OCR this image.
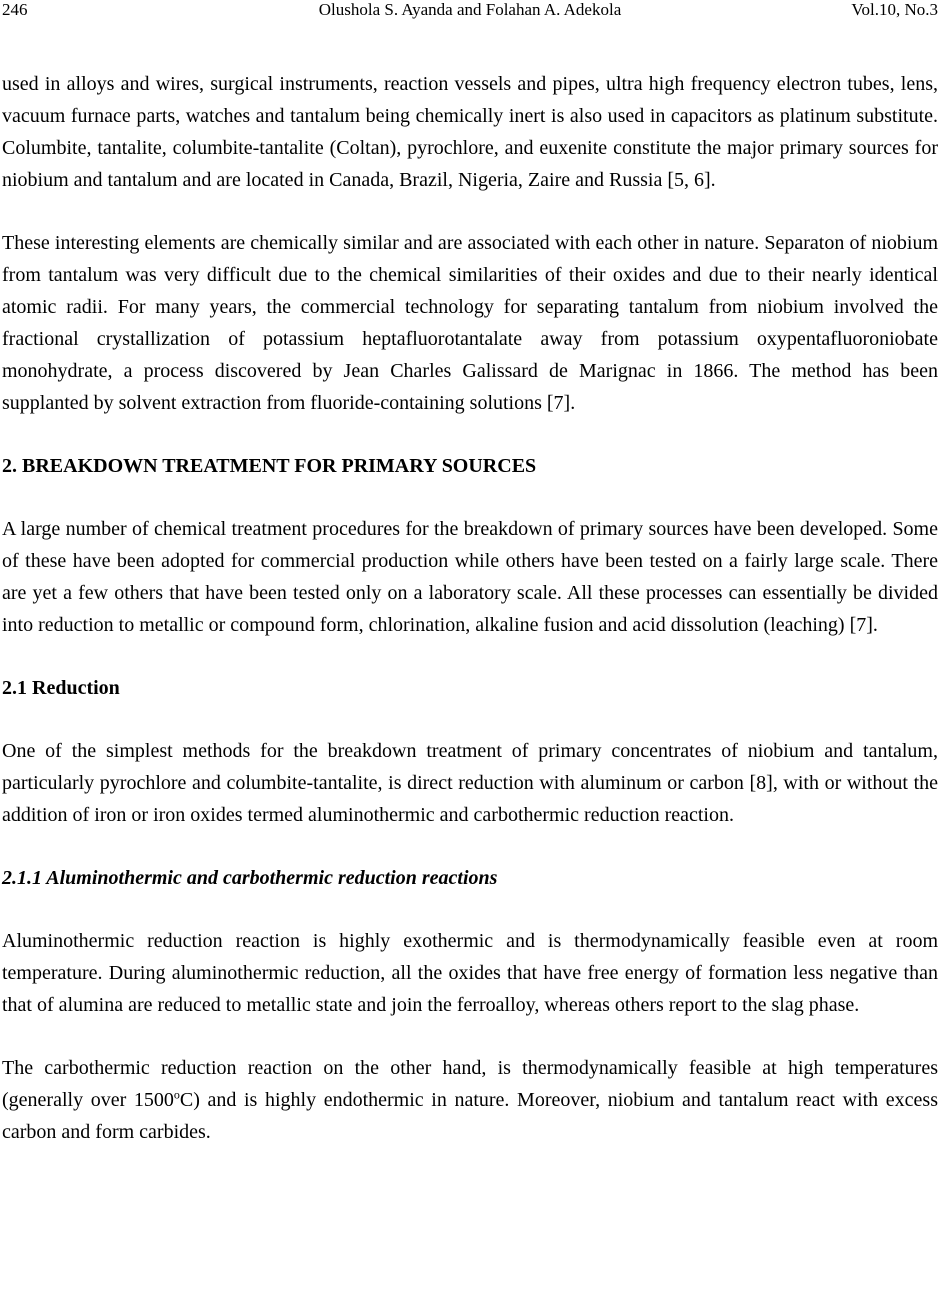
246	Olushola S. Ayanda and Folahan A. Adekola	Vol.10, No.3

used in alloys and wires, surgical instruments, reaction vessels and pipes, ultra high frequency electron tubes, lens, vacuum furnace parts, watches and tantalum being chemically inert is also used in capacitors as platinum substitute. Columbite, tantalite, columbite-tantalite (Coltan), pyrochlore, and euxenite constitute the major primary sources for niobium and tantalum and are located in Canada, Brazil, Nigeria, Zaire and Russia [5, 6].

These interesting elements are chemically similar and are associated with each other in nature. Separaton of niobium from tantalum was very difficult due to the chemical similarities of their oxides and due to their nearly identical atomic radii. For many years, the commercial technology for separating tantalum from niobium involved the fractional crystallization of potassium heptafluorotantalate away from potassium oxypentafluoroniobate monohydrate, a process discovered by Jean Charles Galissard de Marignac in 1866. The method has been supplanted by solvent extraction from fluoride-containing solutions [7].

2. BREAKDOWN TREATMENT FOR PRIMARY SOURCES

A large number of chemical treatment procedures for the breakdown of primary sources have been developed. Some of these have been adopted for commercial production while others have been tested on a fairly large scale. There are yet a few others that have been tested only on a laboratory scale. All these processes can essentially be divided into reduction to metallic or compound form, chlorination, alkaline fusion and acid dissolution (leaching) [7].

2.1 Reduction

One of the simplest methods for the breakdown treatment of primary concentrates of niobium and tantalum, particularly pyrochlore and columbite-tantalite, is direct reduction with aluminum or carbon [8], with or without the addition of iron or iron oxides termed aluminothermic and carbothermic reduction reaction.

2.1.1 Aluminothermic and carbothermic reduction reactions

Aluminothermic reduction reaction is highly exothermic and is thermodynamically feasible even at room temperature. During aluminothermic reduction, all the oxides that have free energy of formation less negative than that of alumina are reduced to metallic state and join the ferroalloy, whereas others report to the slag phase.

The carbothermic reduction reaction on the other hand, is thermodynamically feasible at high temperatures (generally over 1500$^o$C) and is highly endothermic in nature. Moreover, niobium and tantalum react with excess carbon and form carbides.
